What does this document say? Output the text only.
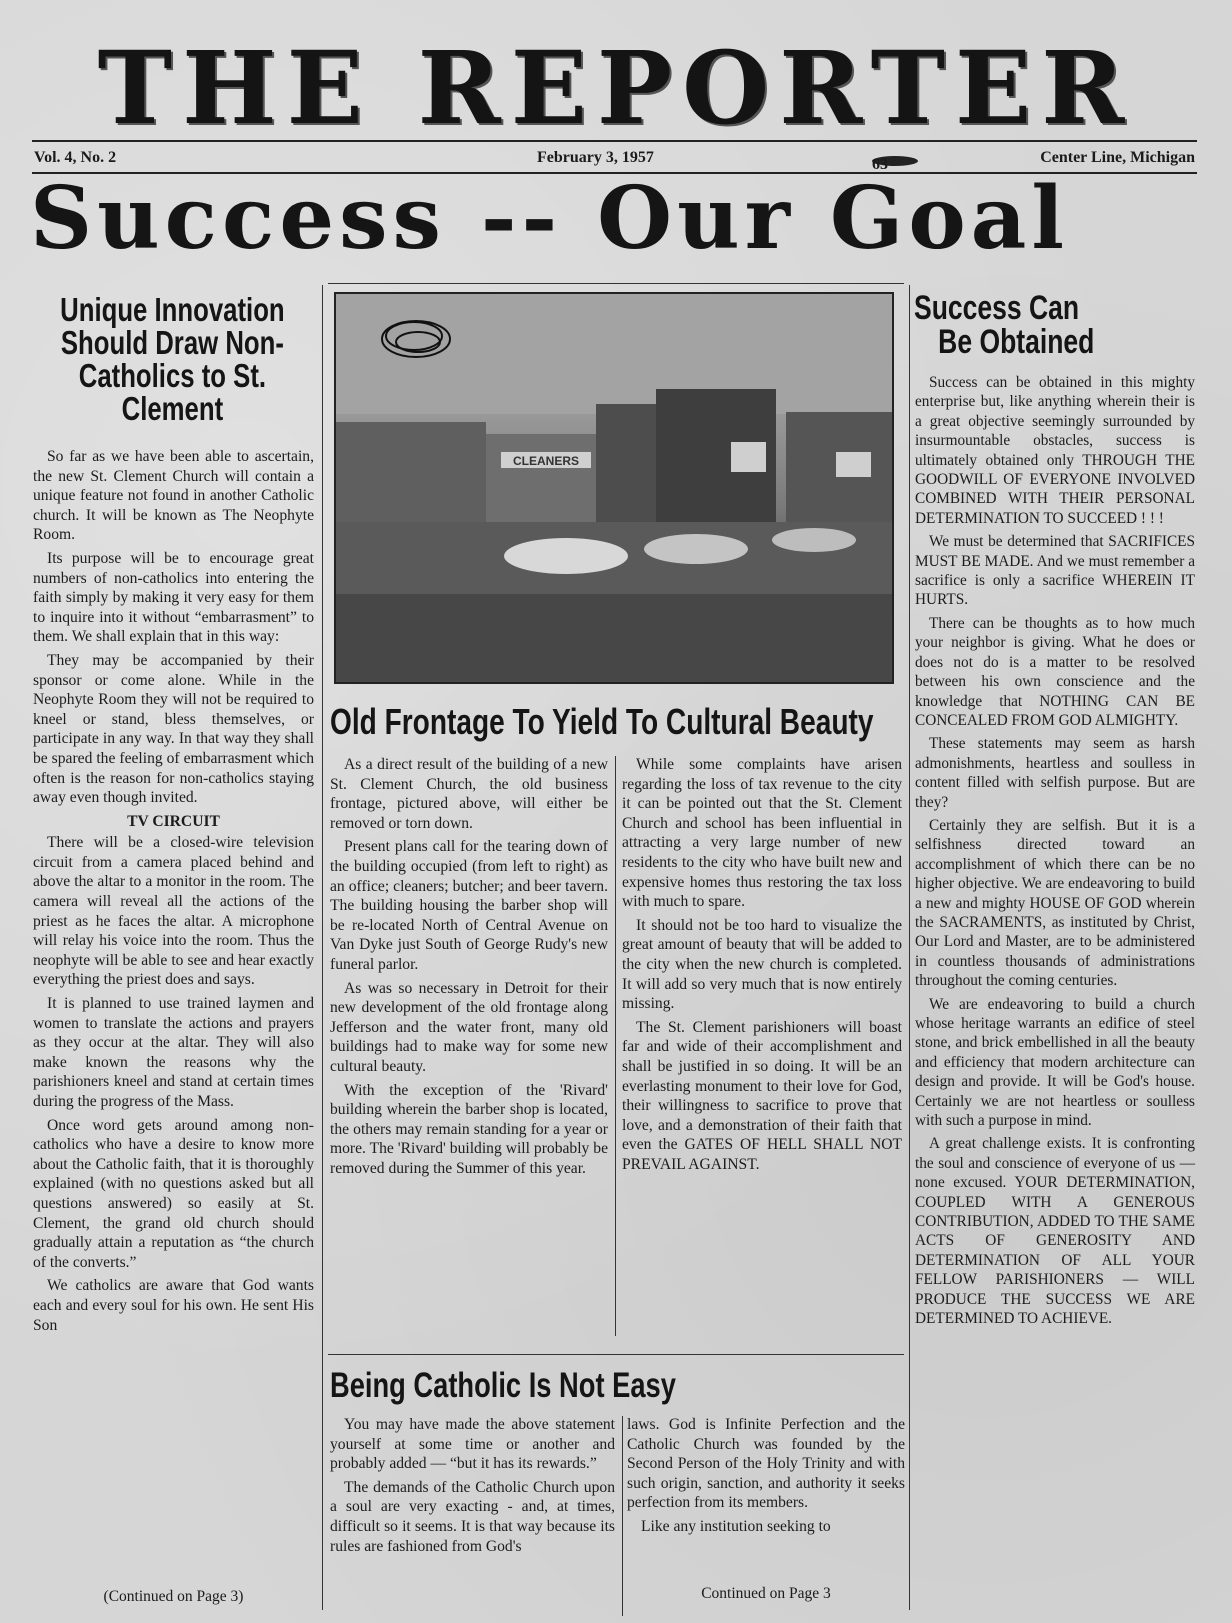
THE REPORTER
Vol. 4, No. 2	February 3, 1957	63	Center Line, Michigan
Success -- Our Goal
Unique Innovation
Should Draw Non-
Catholics to St.
Clement

So far as we have been able to ascertain, the new St. Clement Church will contain a unique feature not found in another Catholic church. It will be known as The Neophyte Room.

Its purpose will be to encourage great numbers of non-catholics into entering the faith simply by making it very easy for them to inquire into it without “embarrasment” to them. We shall explain that in this way:

They may be accompanied by their sponsor or come alone. While in the Neophyte Room they will not be required to kneel or stand, bless themselves, or participate in any way. In that way they shall be spared the feeling of embarrasment which often is the reason for non-catholics staying away even though invited.

TV CIRCUIT

There will be a closed-wire television circuit from a camera placed behind and above the altar to a monitor in the room. The camera will reveal all the actions of the priest as he faces the altar. A microphone will relay his voice into the room. Thus the neophyte will be able to see and hear exactly everything the priest does and says.

It is planned to use trained laymen and women to translate the actions and prayers as they occur at the altar. They will also make known the reasons why the parishioners kneel and stand at certain times during the progress of the Mass.

Once word gets around among non-catholics who have a desire to know more about the Catholic faith, that it is thoroughly explained (with no questions asked but all questions answered) so easily at St. Clement, the grand old church should gradually attain a reputation as “the church of the converts.”

We catholics are aware that God wants each and every soul for his own. He sent His Son

(Continued on Page 3)
CLEANERS
Old Frontage To Yield To Cultural Beauty

As a direct result of the building of a new St. Clement Church, the old business frontage, pictured above, will either be removed or torn down.

Present plans call for the tearing down of the building occupied (from left to right) as an office; cleaners; butcher; and beer tavern. The building housing the barber shop will be re-located North of Central Avenue on Van Dyke just South of George Rudy's new funeral parlor.

As was so necessary in Detroit for their new development of the old frontage along Jefferson and the water front, many old buildings had to make way for some new cultural beauty.

With the exception of the 'Rivard' building wherein the barber shop is located, the others may remain standing for a year or more. The 'Rivard' building will probably be removed during the Summer of this year.

While some complaints have arisen regarding the loss of tax revenue to the city it can be pointed out that the St. Clement Church and school has been influential in attracting a very large number of new residents to the city who have built new and expensive homes thus restoring the tax loss with much to spare.

It should not be too hard to visualize the great amount of beauty that will be added to the city when the new church is completed. It will add so very much that is now entirely missing.

The St. Clement parishioners will boast far and wide of their accomplishment and shall be justified in so doing. It will be an everlasting monument to their love for God, their willingness to sacrifice to prove that love, and a demonstration of their faith that even the GATES OF HELL SHALL NOT PREVAIL AGAINST.

Being Catholic Is Not Easy

You may have made the above statement yourself at some time or another and probably added — “but it has its rewards.”

The demands of the Catholic Church upon a soul are very exacting - and, at times, difficult so it seems. It is that way because its rules are fashioned from God's

laws. God is Infinite Perfection and the Catholic Church was founded by the Second Person of the Holy Trinity and with such origin, sanction, and authority it seeks perfection from its members.

Like any institution seeking to

Continued on Page 3
Success Can
Be Obtained

Success can be obtained in this mighty enterprise but, like anything wherein their is a great objective seemingly surrounded by insurmountable obstacles, success is ultimately obtained only THROUGH THE GOODWILL OF EVERYONE INVOLVED COMBINED WITH THEIR PERSONAL DETERMINATION TO SUCCEED ! ! !

We must be determined that SACRIFICES MUST BE MADE. And we must remember a sacrifice is only a sacrifice WHEREIN IT HURTS.

There can be thoughts as to how much your neighbor is giving. What he does or does not do is a matter to be resolved between his own conscience and the knowledge that NOTHING CAN BE CONCEALED FROM GOD ALMIGHTY.

These statements may seem as harsh admonishments, heartless and soulless in content filled with selfish purpose. But are they?

Certainly they are selfish. But it is a selfishness directed toward an accomplishment of which there can be no higher objective. We are endeavoring to build a new and mighty HOUSE OF GOD wherein the SACRAMENTS, as instituted by Christ, Our Lord and Master, are to be administered in countless thousands of administrations throughout the coming centuries.

We are endeavoring to build a church whose heritage warrants an edifice of steel stone, and brick embellished in all the beauty and efficiency that modern architecture can design and provide. It will be God's house. Certainly we are not heartless or soulless with such a purpose in mind.

A great challenge exists. It is confronting the soul and conscience of everyone of us — none excused. YOUR DETERMINATION, COUPLED WITH A GENEROUS CONTRIBUTION, ADDED TO THE SAME ACTS OF GENEROSITY AND DETERMINATION OF ALL YOUR FELLOW PARISHIONERS — WILL PRODUCE THE SUCCESS WE ARE DETERMINED TO ACHIEVE.
